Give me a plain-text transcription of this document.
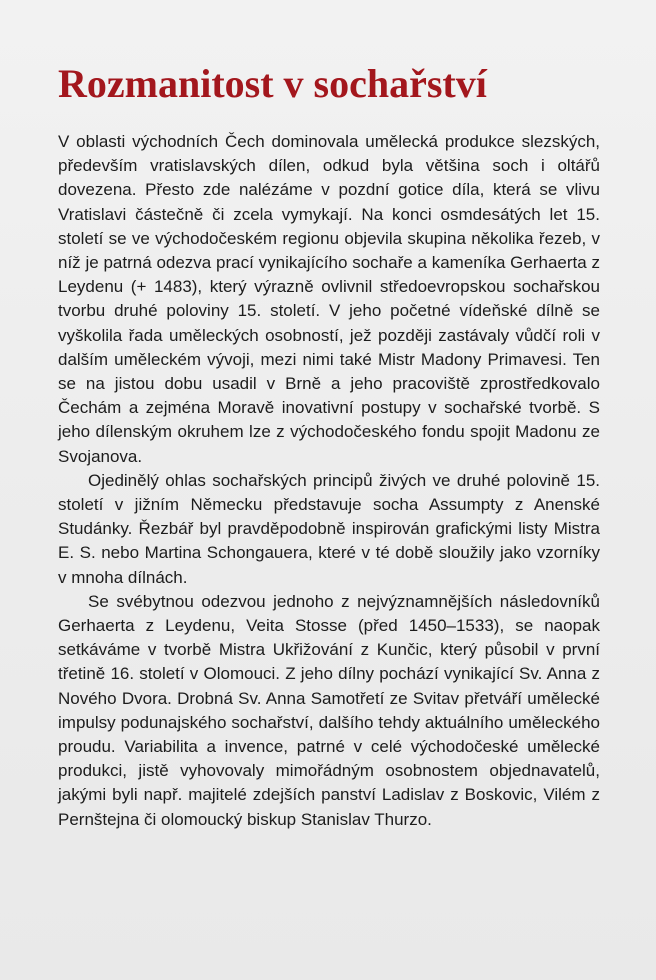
Rozmanitost v sochařství

V oblasti východních Čech dominovala umělecká produkce slezských, především vratislavských dílen, odkud byla většina soch i oltářů dovezena. Přesto zde nalézáme v pozdní gotice díla, která se vlivu Vratislavi částečně či zcela vymykají. Na konci osmdesátých let 15. století se ve východočeském regionu objevila skupina několika řezeb, v níž je patrná odezva prací vynikajícího sochaře a kameníka Gerhaerta z Leydenu (+ 1483), který výrazně ovlivnil středoevropskou sochařskou tvorbu druhé poloviny 15. století. V jeho početné vídeňské dílně se vyškolila řada uměleckých osobností, jež později zastávaly vůdčí roli v dalším uměleckém vývoji, mezi nimi také Mistr Madony Primavesi. Ten se na jistou dobu usadil v Brně a jeho pracoviště zprostředkovalo Čechám a zejména Moravě inovativní postupy v sochařské tvorbě. S jeho dílenským okruhem lze z východočeského fondu spojit Madonu ze Svojanova.

Ojedinělý ohlas sochařských principů živých ve druhé polovině 15. století v jižním Německu představuje socha Assumpty z Anenské Studánky. Řezbář byl pravděpodobně inspirován grafickými listy Mistra E. S. nebo Martina Schongauera, které v té době sloužily jako vzorníky v mnoha dílnách.

Se svébytnou odezvou jednoho z nejvýznamnějších následovníků Gerhaerta z Leydenu, Veita Stosse (před 1450–1533), se naopak setkáváme v tvorbě Mistra Ukřižování z Kunčic, který působil v první třetině 16. století v Olomouci. Z jeho dílny pochází vynikající Sv. Anna z Nového Dvora. Drobná Sv. Anna Samotřetí ze Svitav přetváří umělecké impulsy podunajského sochařství, dalšího tehdy aktuálního uměleckého proudu. Variabilita a invence, patrné v celé východočeské umělecké produkci, jistě vyhovovaly mimořádným osobnostem objednavatelů, jakými byli např. majitelé zdejších panství Ladislav z Boskovic, Vilém z Pernštejna či olomoucký biskup Stanislav Thurzo.
